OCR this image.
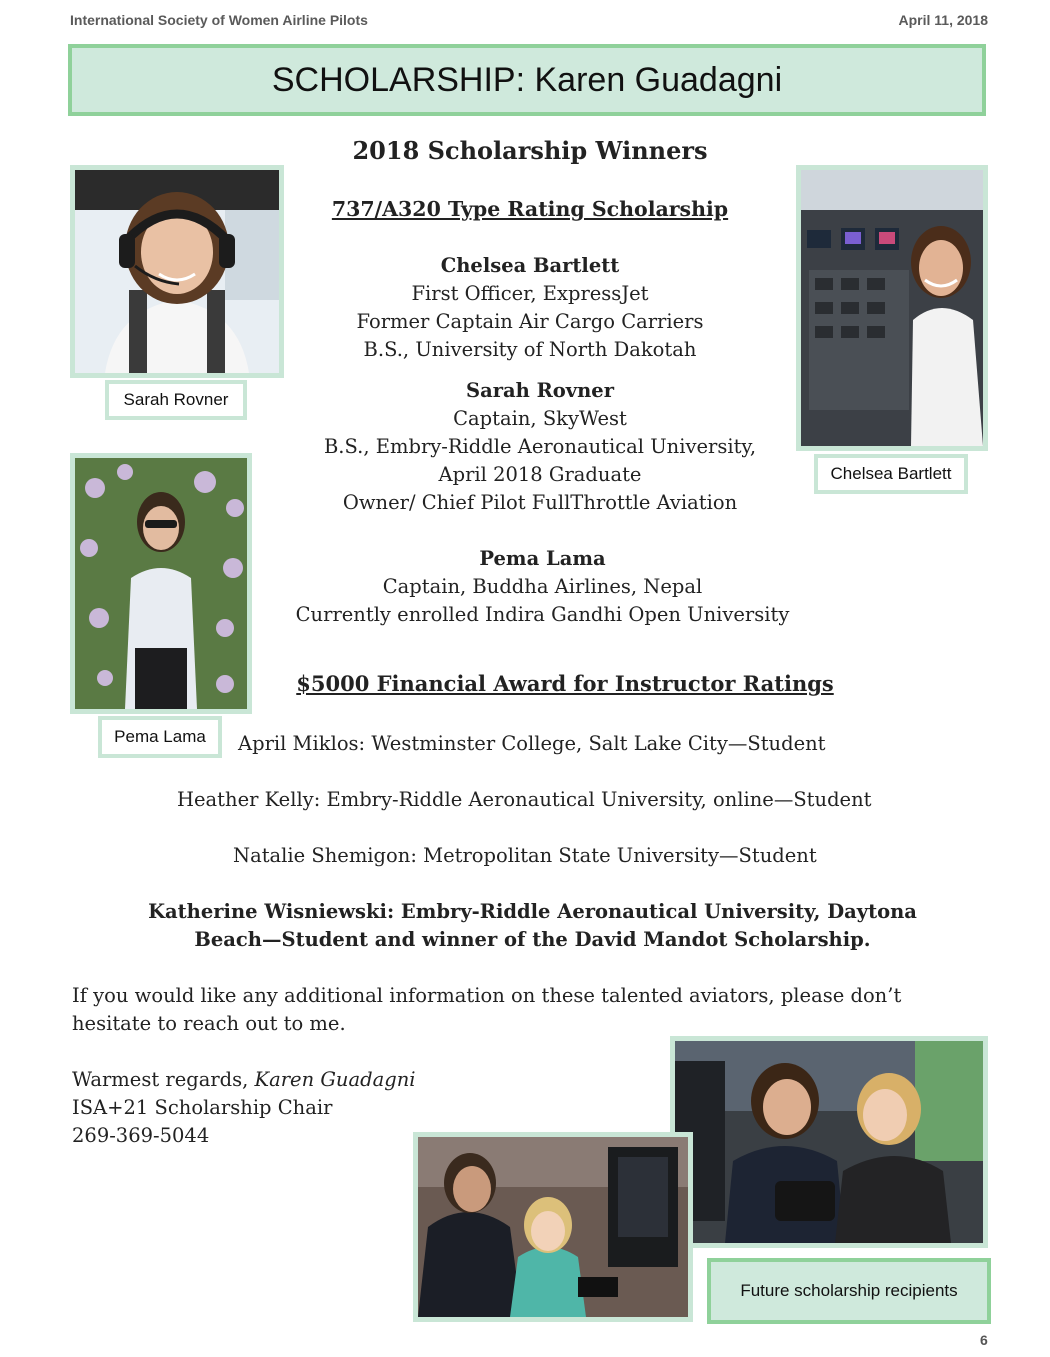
International Society of Women Airline Pilots	April 11, 2018
SCHOLARSHIP: Karen Guadagni
2018 Scholarship Winners
737/A320 Type Rating Scholarship
Chelsea Bartlett
First Officer, ExpressJet
Former Captain Air Cargo Carriers
B.S., University of North Dakotah
Sarah Rovner
Captain, SkyWest
B.S., Embry-Riddle Aeronautical University,
April 2018 Graduate
Owner/ Chief Pilot FullThrottle Aviation
Pema Lama
Captain, Buddha Airlines, Nepal
Currently enrolled Indira Gandhi Open University
$5000 Financial Award for Instructor Ratings
April Miklos: Westminster College, Salt Lake City—Student
Heather Kelly: Embry-Riddle Aeronautical University, online—Student
Natalie Shemigon: Metropolitan State University—Student
Katherine Wisniewski: Embry-Riddle Aeronautical University, Daytona
Beach—Student and winner of the David Mandot Scholarship.
If you would like any additional information on these talented aviators, please don’t
hesitate to reach out to me.
Warmest regards, Karen Guadagni
ISA+21 Scholarship Chair
269-369-5044
Sarah Rovner
Chelsea Bartlett
Pema Lama
Future scholarship recipients
6
